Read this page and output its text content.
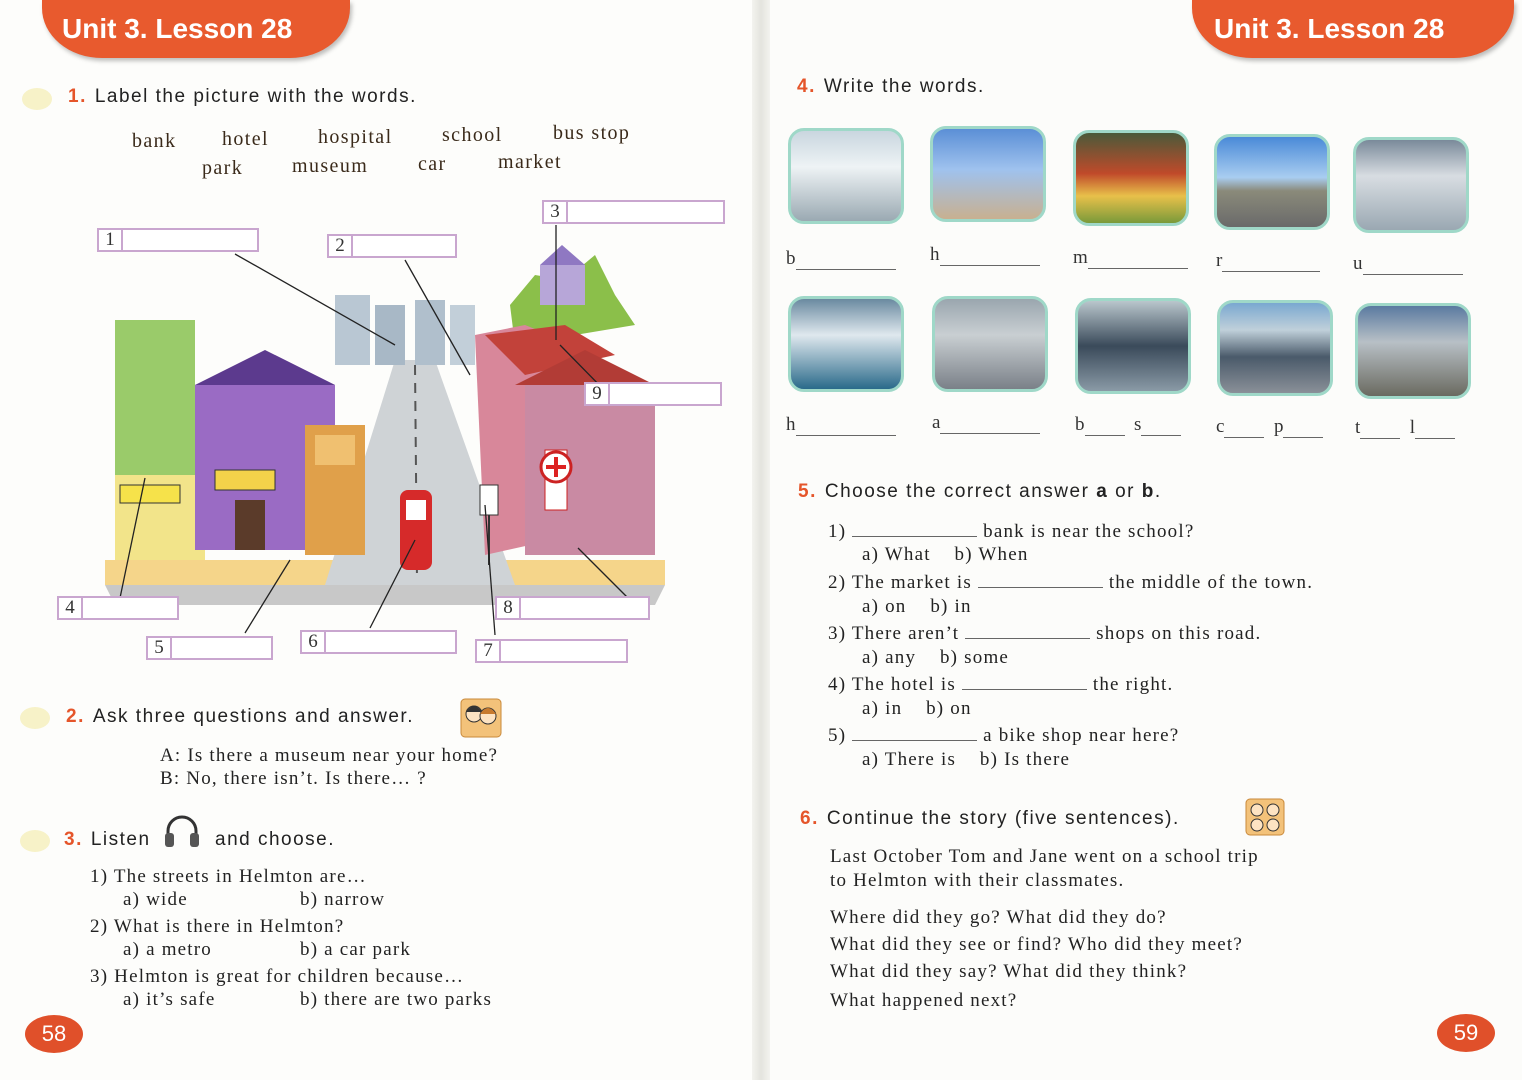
Unit 3. Lesson 28
1. Label the picture with the words.
bank hotel hospital school	bus stop
park museum car	market
1	2
3
4
5	6	7
8
9
2. Ask three questions and answer.
A: Is there a museum near your home?
B: No, there isn’t. Is there… ?
3. Listen	and choose.
1) The streets in Helmton are…
a) wide	b) narrow
2) What is there in Helmton?
a) a metro	b) a car park
3) Helmton is great for children because…
a) it’s safe	b) there are two parks
58
Unit 3. Lesson 28
4. Write the words.
b	h	m	r	u
h	a	b	s	c	p	t	l
5. Choose the correct answer a or b.
1)	bank is near the school?
a) What b) When
2) The market is	the middle of the town.
a) on b) in
3) There aren’t	shops on this road.
a) any b) some
4) The hotel is	the right.
a) in b) on
5)	a bike shop near here?
a) There is b) Is there
6. Continue the story (five sentences).
Last October Tom and Jane went on a school trip
to Helmton with their classmates.
Where did they go? What did they do?
What did they see or find? Who did they meet?
What did they say? What did they think?
What happened next?
59
